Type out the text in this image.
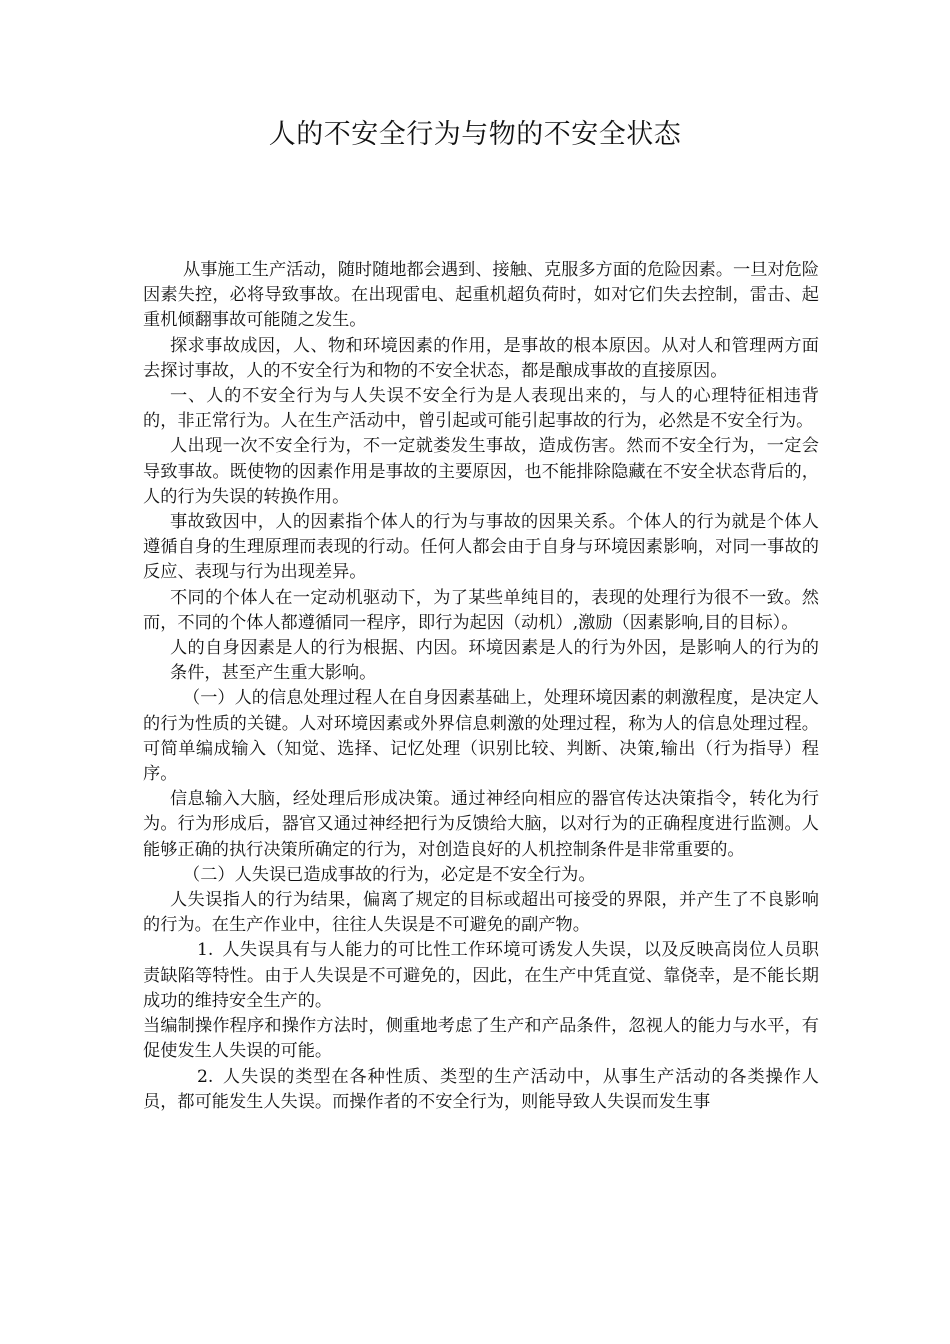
人的不安全行为与物的不安全状态

从事施工生产活动，随时随地都会遇到、接触、克服多方面的危险因素。一旦对危险因素失控，必将导致事故。在出现雷电、起重机超负荷时，如对它们失去控制，雷击、起重机倾翻事故可能随之发生。

探求事故成因，人、物和环境因素的作用，是事故的根本原因。从对人和管理两方面去探讨事故，人的不安全行为和物的不安全状态，都是酿成事故的直接原因。

一、人的不安全行为与人失误不安全行为是人表现出来的，与人的心理特征相违背的，非正常行为。人在生产活动中，曾引起或可能引起事故的行为，必然是不安全行为。

人出现一次不安全行为，不一定就娄发生事故，造成伤害。然而不安全行为，一定会导致事故。既使物的因素作用是事故的主要原因，也不能排除隐藏在不安全状态背后的，人的行为失误的转换作用。

事故致因中，人的因素指个体人的行为与事故的因果关系。个体人的行为就是个体人遵循自身的生理原理而表现的行动。任何人都会由于自身与环境因素影响，对同一事故的反应、表现与行为出现差异。

不同的个体人在一定动机驱动下，为了某些单纯目的，表现的处理行为很不一致。然而，不同的个体人都遵循同一程序，即行为起因（动机）,激励（因素影响,目的目标）。

人的自身因素是人的行为根据、内因。环境因素是人的行为外因，是影响人的行为的条件，甚至产生重大影响。

（一）人的信息处理过程人在自身因素基础上，处理环境因素的刺激程度，是决定人的行为性质的关键。人对环境因素或外界信息刺激的处理过程，称为人的信息处理过程。可简单编成输入（知觉、选择、记忆处理（识别比较、判断、决策,输出（行为指导）程序。

信息输入大脑，经处理后形成决策。通过神经向相应的器官传达决策指令，转化为行为。行为形成后，器官又通过神经把行为反馈给大脑，以对行为的正确程度进行监测。人能够正确的执行决策所确定的行为，对创造良好的人机控制条件是非常重要的。

（二）人失误已造成事故的行为，必定是不安全行为。

人失误指人的行为结果，偏离了规定的目标或超出可接受的界限，并产生了不良影响的行为。在生产作业中，往往人失误是不可避免的副产物。

1. 人失误具有与人能力的可比性工作环境可诱发人失误，以及反映高岗位人员职责缺陷等特性。由于人失误是不可避免的，因此，在生产中凭直觉、靠侥幸，是不能长期成功的维持安全生产的。

当编制操作程序和操作方法时，侧重地考虑了生产和产品条件，忽视人的能力与水平，有促使发生人失误的可能。

2. 人失误的类型在各种性质、类型的生产活动中，从事生产活动的各类操作人员，都可能发生人失误。而操作者的不安全行为，则能导致人失误而发生事
